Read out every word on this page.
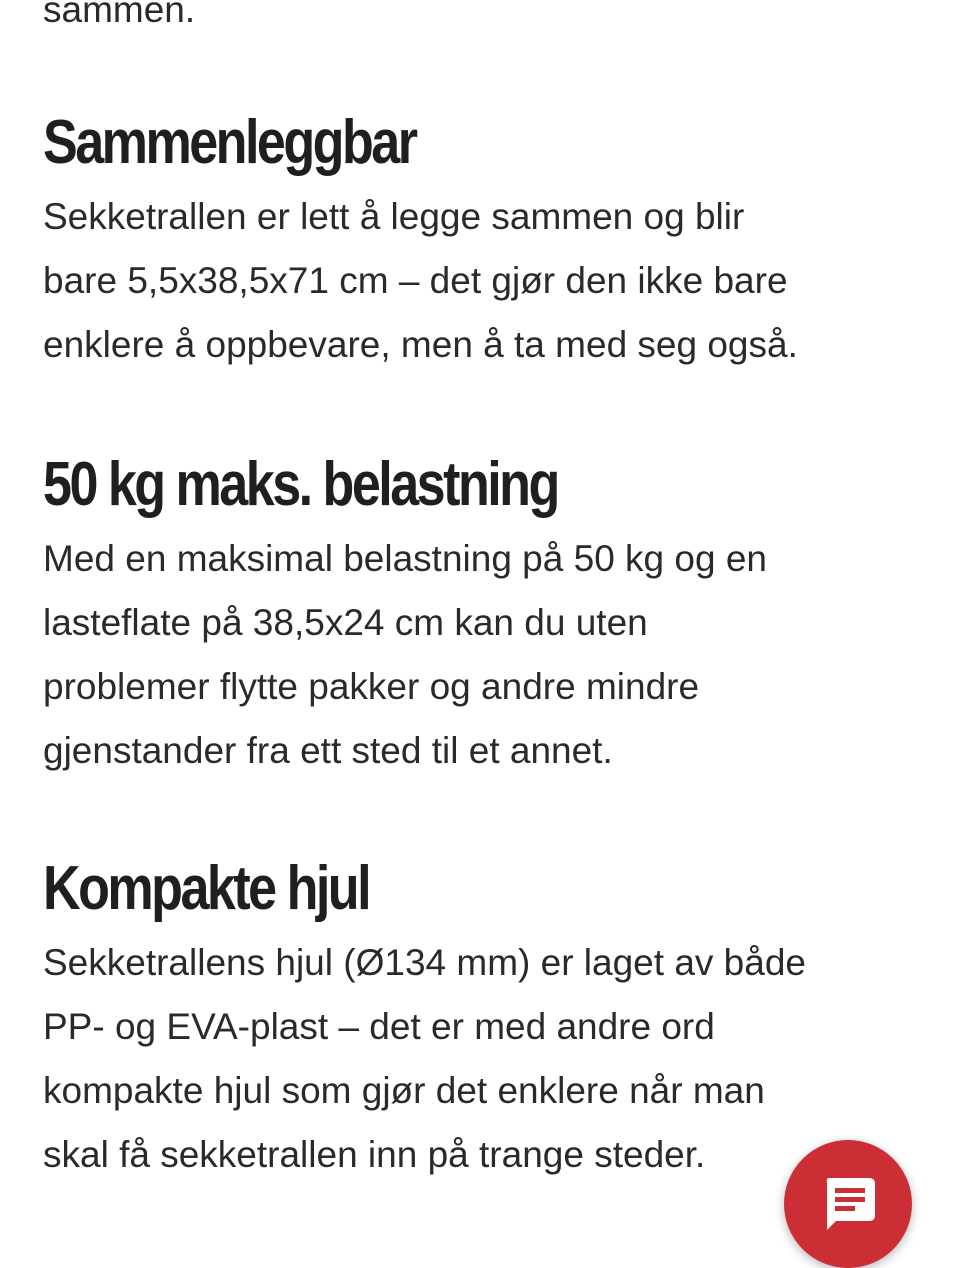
sammen.

Sammenleggbar

Sekketrallen er lett å legge sammen og blir
bare 5,5x38,5x71 cm – det gjør den ikke bare
enklere å oppbevare, men å ta med seg også.

50 kg maks. belastning

Med en maksimal belastning på 50 kg og en
lasteflate på 38,5x24 cm kan du uten
problemer flytte pakker og andre mindre
gjenstander fra ett sted til et annet.

Kompakte hjul

Sekketrallens hjul (Ø134 mm) er laget av både
PP- og EVA-plast – det er med andre ord
kompakte hjul som gjør det enklere når man
skal få sekketrallen inn på trange steder.
